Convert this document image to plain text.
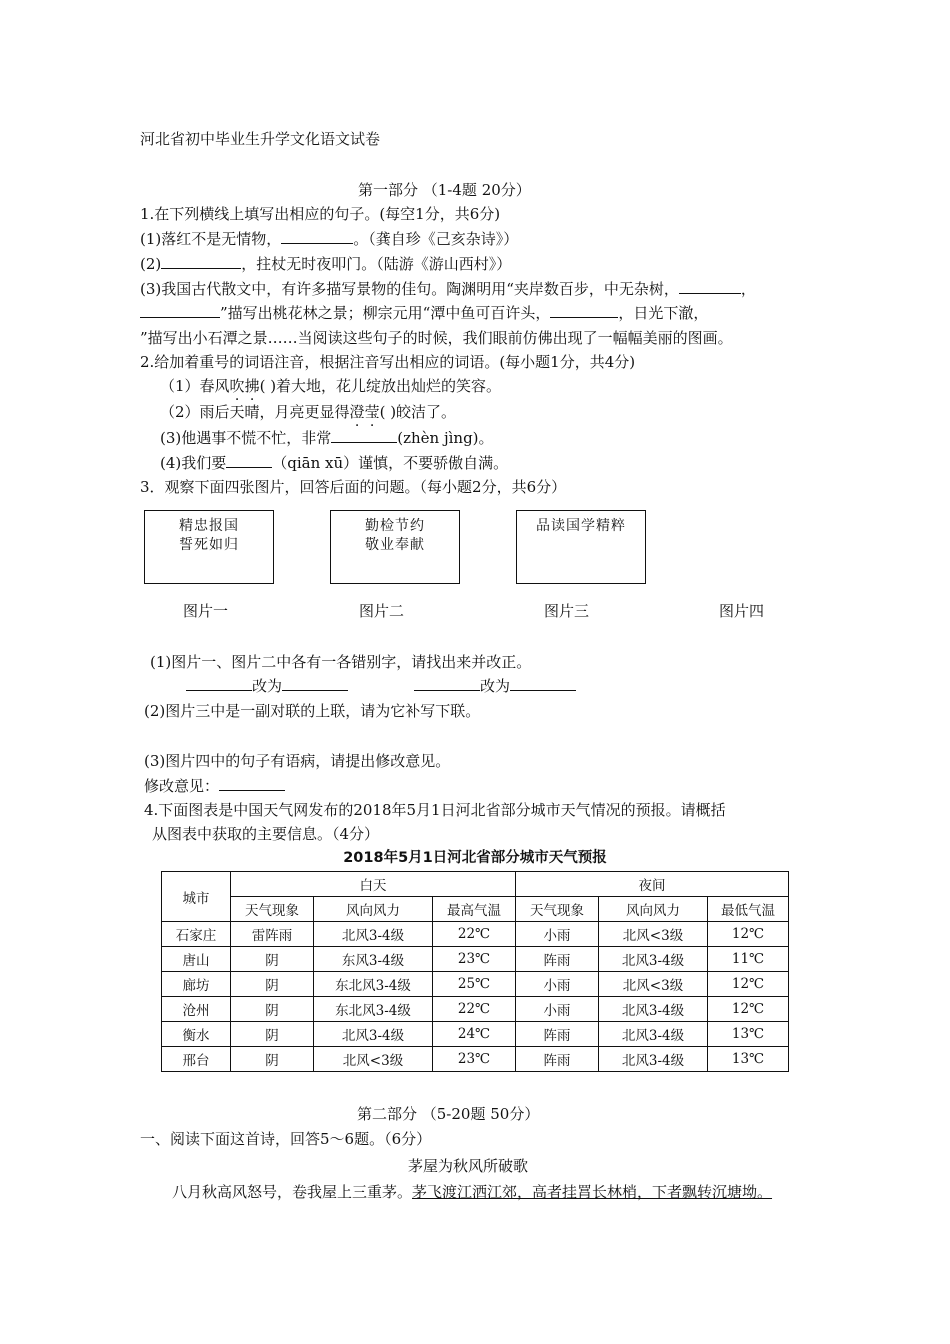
河北省初中毕业生升学文化语文试卷
第一部分 （1-4题 20分）
1.在下列横线上填写出相应的句子。(每空1分，共6分)
(1)落红不是无情物，	。（龚自珍《己亥杂诗》）
(2)	，拄杖无时夜叩门。（陆游《游山西村》）
(3)我国古代散文中，有许多描写景物的佳句。陶渊明用“夹岸数百步，中无杂树，	，
”描写出桃花林之景；柳宗元用“潭中鱼可百许头，	，日光下澈，
”描写出小石潭之景……当阅读这些句子的时候，我们眼前仿佛出现了一幅幅美丽的图画。
2.给加着重号的词语注音，根据注音写出相应的词语。(每小题1分，共4分)
（1）春风吹拂( )着大地，花儿绽放出灿烂的笑容。
（2）雨后天晴，月亮更显得澄莹( )皎洁了。
(3)他遇事不慌不忙，非常	(zhèn jìng)。
(4)我们要	（qiān xū）谨慎，不要骄傲自满。
3．观察下面四张图片，回答后面的问题。（每小题2分，共6分）
精忠报国
誓死如归
勤检节约
敬业奉献
品读国学精粹
图片一	图片二	图片三	图片四
(1)图片一、图片二中各有一各错别字，请找出来并改正。
改为	改为
(2)图片三中是一副对联的上联，请为它补写下联。
(3)图片四中的句子有语病，请提出修改意见。
修改意见：
4.下面图表是中国天气网发布的2018年5月1日河北省部分城市天气情况的预报。请概括
从图表中获取的主要信息。（4分）
2018年5月1日河北省部分城市天气预报
城市	白天			夜间		
	天气现象	风向风力	最高气温	天气现象	风向风力	最低气温
石家庄	雷阵雨	北风3-4级	22℃	小雨	北风<3级	12℃
唐山	阴	东风3-4级	23℃	阵雨	北风3-4级	11℃
廊坊	阴	东北风3-4级	25℃	小雨	北风<3级	12℃
沧州	阴	东北风3-4级	22℃	小雨	北风3-4级	12℃
衡水	阴	北风3-4级	24℃	阵雨	北风3-4级	13℃
邢台	阴	北风<3级	23℃	阵雨	北风3-4级	13℃
第二部分 （5-20题 50分）
一、阅读下面这首诗，回答5～6题。（6分）
茅屋为秋风所破歌
八月秋高风怒号，卷我屋上三重茅。茅飞渡江洒江郊，高者挂罥长林梢，下者飘转沉塘坳。
